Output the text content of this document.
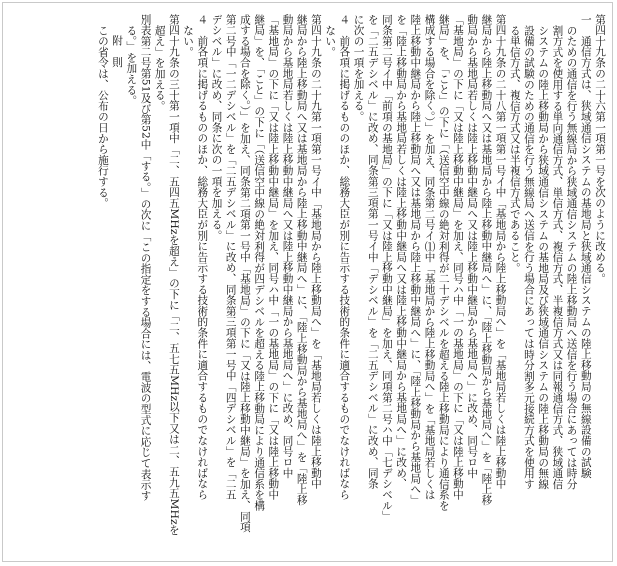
第四十九条の二十六第一項第一号を次のように改める。
一　通信方式は、狭域通信システムの基地局と狭域通信システムの陸上移動局の無線設備の試験
のための通信を行う無線局から狭域通信システムの陸上移動局へ送信を行う場合にあっては時分
割方式を使用する単向通信方式、単信方式、複信方式、半複信方式又は同報通信方式、狭域通信
システムの陸上移動局から狭域通信システムの基地局及び狭域通信システムの陸上移動局の無線
設備の試験のための通信を行う無線局へ送信を行う場合にあっては時分割多元接続方式を使用す
る単信方式、複信方式又は半複信方式であること。
第四十九条の二十八第一項第一号イ中「基地局から陸上移動局へ」を「基地局若しくは陸上移動中
継局から陸上移動局へ又は基地局から陸上移動中継局へ」に、「陸上移動局から基地局へ」を「陸上移
動局から基地局若しくは陸上移動中継局へ又は陸上移動中継局から基地局へ」に改め、同号ロ中
「基地局」の下に「又は陸上移動中継局」を加え、同号ハ中「一の基地局」の下に「又は陸上移動中
継局」を、「こと」の下に「（送信空中線の絶対利得が二十デシベルを超える陸上移動局により通信系を
構成する場合を除く。）」を加え、同条第二号イ⑴中「基地局から陸上移動局へ」を「基地局若しくは
陸上移動中継局から陸上移動局へ又は基地局から陸上移動中継局へ」に、「陸上移動局から基地局へ」
を「陸上移動局から基地局若しくは陸上移動中継局へ又は陸上移動中継局から基地局へ」に改め、
同条第二号イ中「前項の基地局」の下に「又は陸上移動中継局」を加え、同項第二号ハ中「七デシベル」
を「二五デシベル」に改め、同条第三項第一号イ中「デシベル」を「二五デシベル」に改め、同条
に次の一項を加える。
４　前各項に掲げるもののほか、総務大臣が別に告示する技術的条件に適合するものでなければなら
ない。
第四十九条の二十九第一項第一号イ中「基地局から陸上移動局へ」を「基地局若しくは陸上移動中
継局から陸上移動局へ又は基地局から陸上移動中継局へ」に、「陸上移動局から基地局へ」を「陸上移
動局から基地局若しくは陸上移動中継局へ又は陸上移動中継局から基地局へ」に改め、同号ロ中
「基地局」の下に「又は陸上移動中継局」を加え、同号ハ中「一の基地局」の下に「又は陸上移動中
継局」を、「こと」の下に「（送信空中線の絶対利得が四デシベルを超える陸上移動局により通信系を構
成する場合を除く。）」を加え、同条第二項第一号中「基地局」の下に「又は陸上移動中継局」を加え、同項
第二号中「一二デシベル」を「二五デシベル」に改め、同条第三項第一号中「四デシベル」を「二五
デシベル」に改め、同条に次の一項を加える。
４　前各項に掲げるもののほか、総務大臣が別に告示する技術的条件に適合するものでなければなら
ない。
第四十九条の三十第一項中「二、五四五MHzを超え」の下に「二、五七五MHz以下又は二、五九五MHzを
超え」を加える。
別表第二号第51及び第52中「する。」の次に「この指定をする場合には、電波の型式に応じて表示す
る。」を加える。
附　則
この省令は、公布の日から施行する。
